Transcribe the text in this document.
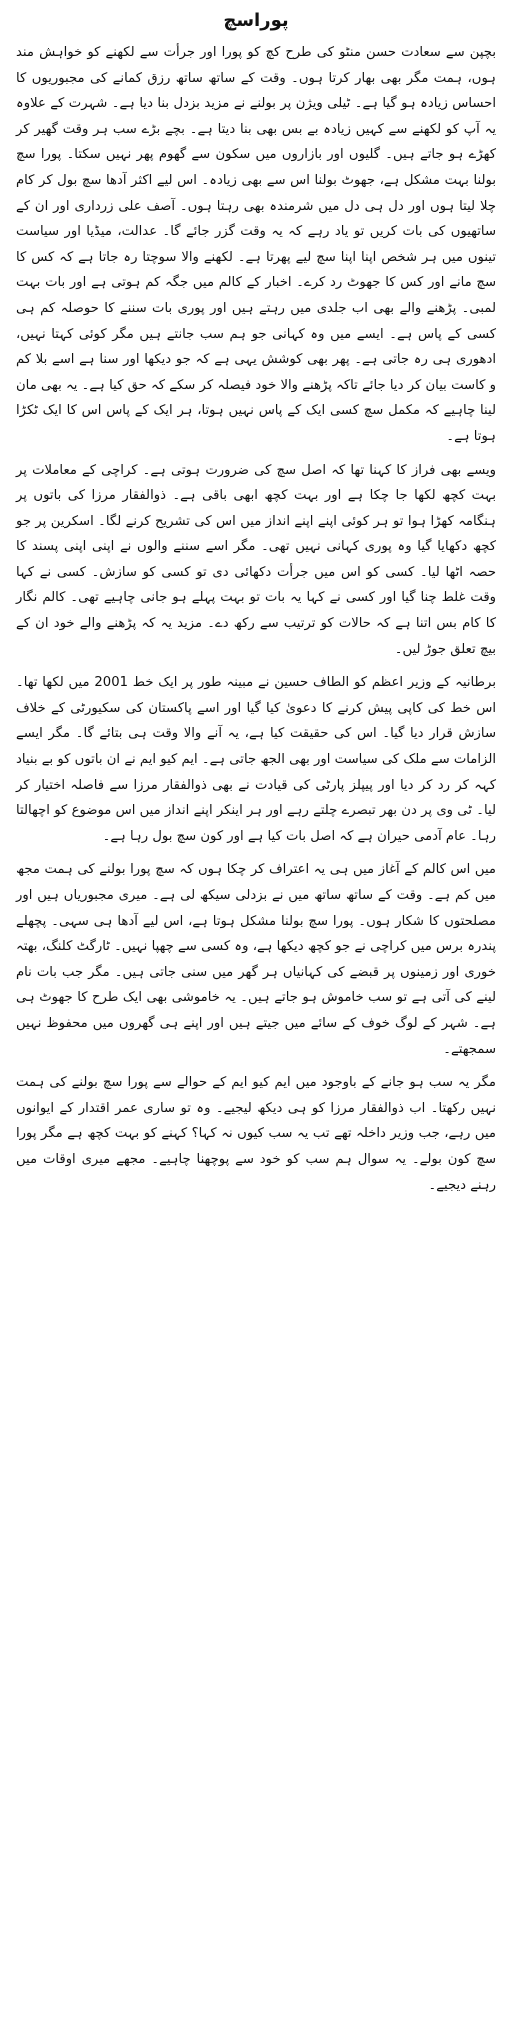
پوراسچ

بچپن سے سعادت حسن منٹو کی طرح کچ کو پورا اور جرأت سے لکھنے کو خواہش مند ہوں، ہمت مگر بھی بھار کرتا ہوں۔ وقت کے ساتھ ساتھ رزق کمانے کی مجبوریوں کا احساس زیادہ ہو گیا ہے۔ ٹیلی ویژن پر بولنے نے مزید بزدل بنا دیا ہے۔ شہرت کے علاوہ یہ آپ کو لکھنے سے کہیں زیادہ بے بس بھی بنا دیتا ہے۔ بچے بڑے سب ہر وقت گھیر کر کھڑے ہو جاتے ہیں۔ گلیوں اور بازاروں میں سکون سے گھوم پھر نہیں سکتا۔ پورا سچ بولنا بہت مشکل ہے، جھوٹ بولنا اس سے بھی زیادہ۔ اس لیے اکثر آدھا سچ بول کر کام چلا لیتا ہوں اور دل ہی دل میں شرمندہ بھی رہتا ہوں۔ آصف علی زرداری اور ان کے ساتھیوں کی بات کریں تو یاد رہے کہ یہ وقت گزر جائے گا۔ عدالت، میڈیا اور سیاست تینوں میں ہر شخص اپنا اپنا سچ لیے پھرتا ہے۔ لکھنے والا سوچتا رہ جاتا ہے کہ کس کا سچ مانے اور کس کا جھوٹ رد کرے۔ اخبار کے کالم میں جگہ کم ہوتی ہے اور بات بہت لمبی۔ پڑھنے والے بھی اب جلدی میں رہتے ہیں اور پوری بات سننے کا حوصلہ کم ہی کسی کے پاس ہے۔ ایسے میں وہ کہانی جو ہم سب جانتے ہیں مگر کوئی کہتا نہیں، ادھوری ہی رہ جاتی ہے۔ پھر بھی کوشش یہی ہے کہ جو دیکھا اور سنا ہے اسے بلا کم و کاست بیان کر دیا جائے تاکہ پڑھنے والا خود فیصلہ کر سکے کہ حق کیا ہے۔ یہ بھی مان لینا چاہیے کہ مکمل سچ کسی ایک کے پاس نہیں ہوتا، ہر ایک کے پاس اس کا ایک ٹکڑا ہوتا ہے۔

ویسے بھی فراز کا کہنا تھا کہ اصل سچ کی ضرورت ہوتی ہے۔ کراچی کے معاملات پر بہت کچھ لکھا جا چکا ہے اور بہت کچھ ابھی باقی ہے۔ ذوالفقار مرزا کی باتوں پر ہنگامہ کھڑا ہوا تو ہر کوئی اپنے اپنے انداز میں اس کی تشریح کرنے لگا۔ اسکرین پر جو کچھ دکھایا گیا وہ پوری کہانی نہیں تھی۔ مگر اسے سننے والوں نے اپنی اپنی پسند کا حصہ اٹھا لیا۔ کسی کو اس میں جرأت دکھائی دی تو کسی کو سازش۔ کسی نے کہا وقت غلط چنا گیا اور کسی نے کہا یہ بات تو بہت پہلے ہو جانی چاہیے تھی۔ کالم نگار کا کام بس اتنا ہے کہ حالات کو ترتیب سے رکھ دے۔ مزید یہ کہ پڑھنے والے خود ان کے بیچ تعلق جوڑ لیں۔

برطانیہ کے وزیر اعظم کو الطاف حسین نے مبینہ طور پر ایک خط 2001 میں لکھا تھا۔ اس خط کی کاپی پیش کرنے کا دعویٰ کیا گیا اور اسے پاکستان کی سکیورٹی کے خلاف سازش قرار دیا گیا۔ اس کی حقیقت کیا ہے، یہ آنے والا وقت ہی بتائے گا۔ مگر ایسے الزامات سے ملک کی سیاست اور بھی الجھ جاتی ہے۔ ایم کیو ایم نے ان باتوں کو بے بنیاد کہہ کر رد کر دیا اور پیپلز پارٹی کی قیادت نے بھی ذوالفقار مرزا سے فاصلہ اختیار کر لیا۔ ٹی وی پر دن بھر تبصرے چلتے رہے اور ہر اینکر اپنے انداز میں اس موضوع کو اچھالتا رہا۔ عام آدمی حیران ہے کہ اصل بات کیا ہے اور کون سچ بول رہا ہے۔

میں اس کالم کے آغاز میں ہی یہ اعتراف کر چکا ہوں کہ سچ پورا بولنے کی ہمت مجھ میں کم ہے۔ وقت کے ساتھ ساتھ میں نے بزدلی سیکھ لی ہے۔ میری مجبوریاں ہیں اور مصلحتوں کا شکار ہوں۔ پورا سچ بولنا مشکل ہوتا ہے، اس لیے آدھا ہی سہی۔ پچھلے پندرہ برس میں کراچی نے جو کچھ دیکھا ہے، وہ کسی سے چھپا نہیں۔ ٹارگٹ کلنگ، بھتہ خوری اور زمینوں پر قبضے کی کہانیاں ہر گھر میں سنی جاتی ہیں۔ مگر جب بات نام لینے کی آتی ہے تو سب خاموش ہو جاتے ہیں۔ یہ خاموشی بھی ایک طرح کا جھوٹ ہی ہے۔ شہر کے لوگ خوف کے سائے میں جیتے ہیں اور اپنے ہی گھروں میں محفوظ نہیں سمجھتے۔

مگر یہ سب ہو جانے کے باوجود میں ایم کیو ایم کے حوالے سے پورا سچ بولنے کی ہمت نہیں رکھتا۔ اب ذوالفقار مرزا کو ہی دیکھ لیجیے۔ وہ تو ساری عمر اقتدار کے ایوانوں میں رہے، جب وزیر داخلہ تھے تب یہ سب کیوں نہ کہا؟ کہنے کو بہت کچھ ہے مگر پورا سچ کون بولے۔ یہ سوال ہم سب کو خود سے پوچھنا چاہیے۔ مجھے میری اوقات میں رہنے دیجیے۔
